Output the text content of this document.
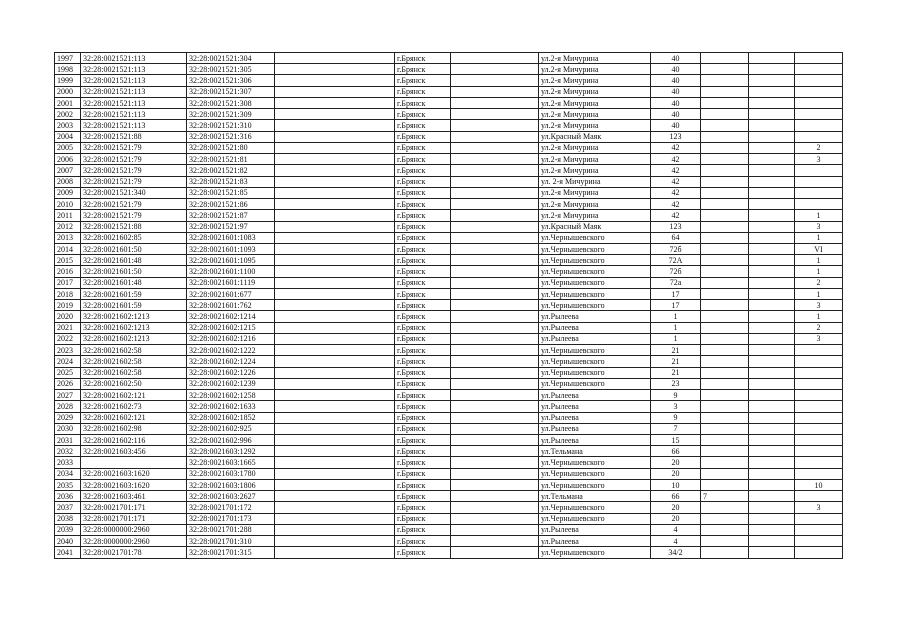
1997	32:28:0021521:113	32:28:0021521:304		г.Брянск		ул.2-я Мичурина	40			
1998	32:28:0021521:113	32:28:0021521:305		г.Брянск		ул.2-я Мичурина	40			
1999	32:28:0021521:113	32:28:0021521:306		г.Брянск		ул.2-я Мичурина	40			
2000	32:28:0021521:113	32:28:0021521:307		г.Брянск		ул.2-я Мичурина	40			
2001	32:28:0021521:113	32:28:0021521:308		г.Брянск		ул.2-я Мичурина	40			
2002	32:28:0021521:113	32:28:0021521:309		г.Брянск		ул.2-я Мичурина	40			
2003	32:28:0021521:113	32:28:0021521:310		г.Брянск		ул.2-я Мичурина	40			
2004	32:28:0021521:88	32:28:0021521:316		г.Брянск		ул.Красный Маяк	123			
2005	32:28:0021521:79	32:28:0021521:80		г.Брянск		ул.2-я Мичурина	42			2
2006	32:28:0021521:79	32:28:0021521:81		г.Брянск		ул.2-я Мичурина	42			3
2007	32:28:0021521:79	32:28:0021521:82		г.Брянск		ул.2-я Мичурина	42			
2008	32:28:0021521:79	32:28:0021521:83		г.Брянск		ул. 2-я Мичурина	42			
2009	32:28:0021521:340	32:28:0021521:85		г.Брянск		ул.2-я Мичурина	42			
2010	32:28:0021521:79	32:28:0021521:86		г.Брянск		ул.2-я Мичурина	42			
2011	32:28:0021521:79	32:28:0021521:87		г.Брянск		ул.2-я Мичурина	42			1
2012	32:28:0021521:88	32:28:0021521:97		г.Брянск		ул.Красный Маяк	123			3
2013	32:28:0021602:85	32:28:0021601:1083		г.Брянск		ул.Чернышевского	64			1
2014	32:28:0021601:50	32:28:0021601:1093		г.Брянск		ул.Чернышевского	72б			VI
2015	32:28:0021601:48	32:28:0021601:1095		г.Брянск		ул.Чернышевского	72А			1
2016	32:28:0021601:50	32:28:0021601:1100		г.Брянск		ул.Чернышевского	72б			1
2017	32:28:0021601:48	32:28:0021601:1119		г.Брянск		ул.Чернышевского	72а			2
2018	32:28:0021601:59	32:28:0021601:677		г.Брянск		ул.Чернышевского	17			1
2019	32:28:0021601:59	32:28:0021601:762		г.Брянск		ул.Чернышевского	17			3
2020	32:28:0021602:1213	32:28:0021602:1214		г.Брянск		ул.Рылеева	1			1
2021	32:28:0021602:1213	32:28:0021602:1215		г.Брянск		ул.Рылеева	1			2
2022	32:28:0021602:1213	32:28:0021602:1216		г.Брянск		ул.Рылеева	1			3
2023	32:28:0021602:58	32:28:0021602:1222		г.Брянск		ул.Чернышевского	21			
2024	32:28:0021602:58	32:28:0021602:1224		г.Брянск		ул.Чернышевского	21			
2025	32:28:0021602:58	32:28:0021602:1226		г.Брянск		ул.Чернышевского	21			
2026	32:28:0021602:50	32:28:0021602:1239		г.Брянск		ул.Чернышевского	23			
2027	32:28:0021602:121	32:28:0021602:1258		г.Брянск		ул.Рылеева	9			
2028	32:28:0021602:73	32:28:0021602:1633		г.Брянск		ул.Рылеева	3			
2029	32:28:0021602:121	32:28:0021602:1852		г.Брянск		ул.Рылеева	9			
2030	32:28:0021602:98	32:28:0021602:925		г.Брянск		ул.Рылеева	7			
2031	32:28:0021602:116	32:28:0021602:996		г.Брянск		ул.Рылеева	15			
2032	32:28:0021603:456	32:28:0021603:1292		г.Брянск		ул.Тельмана	66			
2033		32:28:0021603:1665		г.Брянск		ул.Чернышевского	20			
2034	32:28:0021603:1620	32:28:0021603:1780		г.Брянск		ул.Чернышевского	20			
2035	32:28:0021603:1620	32:28:0021603:1806		г.Брянск		ул.Чернышевского	10			10
2036	32:28:0021603:461	32:28:0021603:2627		г.Брянск		ул.Тельмана	66	7		
2037	32:28:0021701:171	32:28:0021701:172		г.Брянск		ул.Чернышевского	20			3
2038	32:28:0021701:171	32:28:0021701:173		г.Брянск		ул.Чернышевского	20			
2039	32:28:0000000:2960	32:28:0021701:288		г.Брянск		ул.Рылеева	4			
2040	32:28:0000000:2960	32:28:0021701:310		г.Брянск		ул.Рылеева	4			
2041	32:28:0021701:78	32:28:0021701:315		г.Брянск		ул.Чернышевского	34/2			
